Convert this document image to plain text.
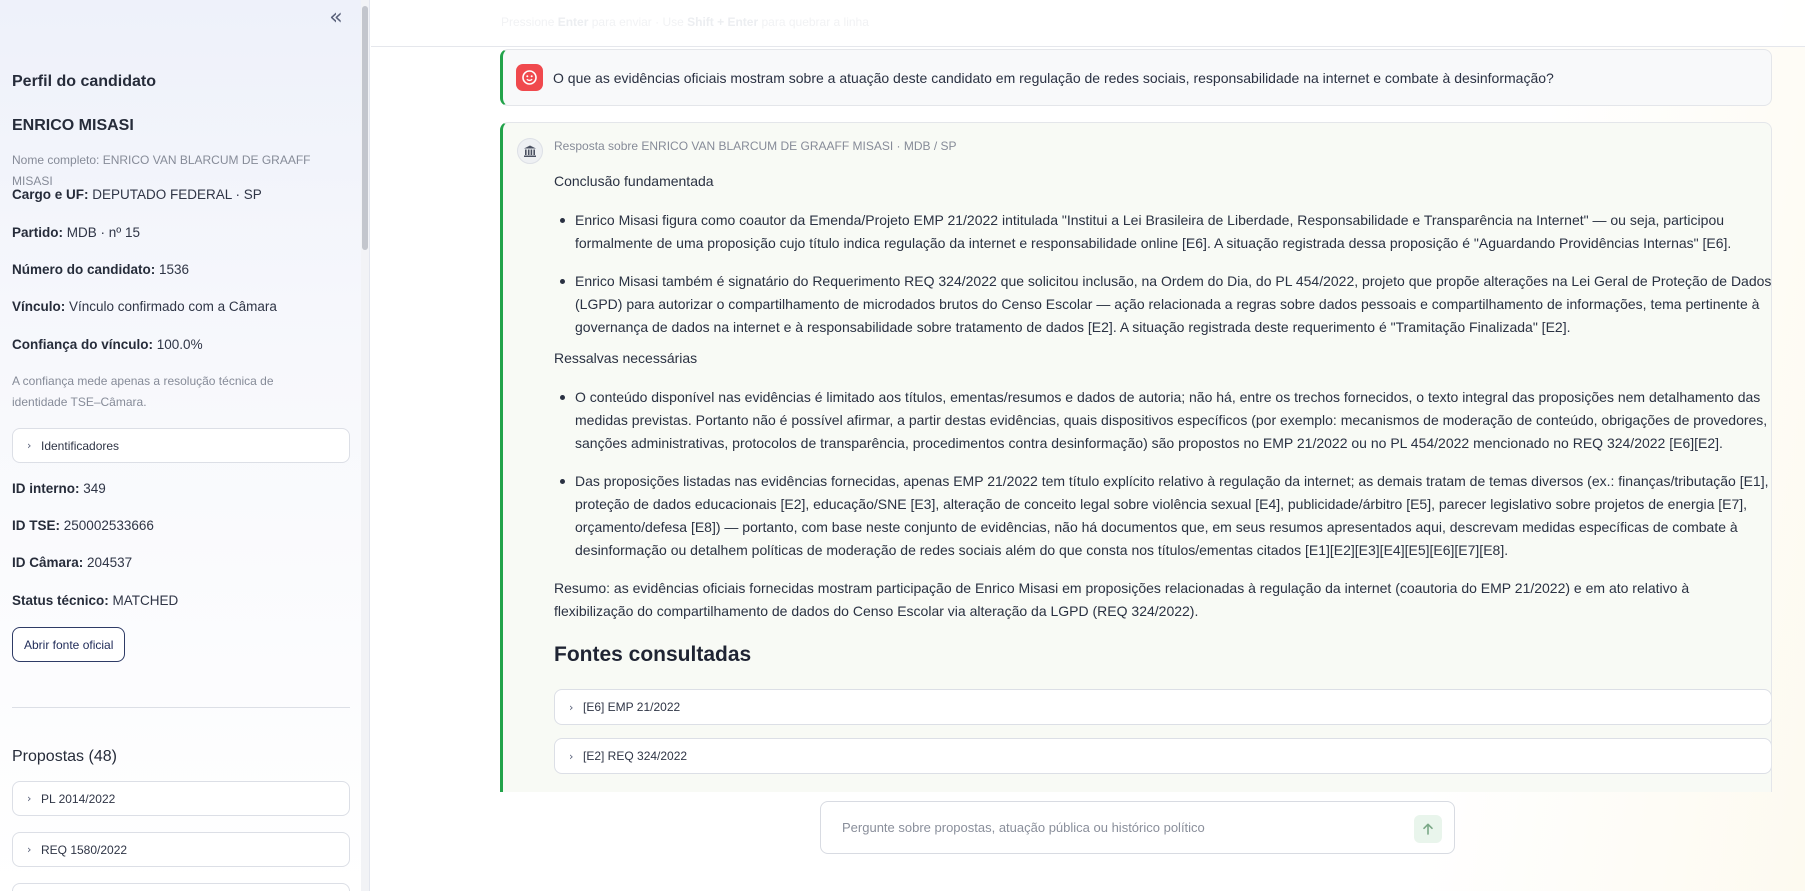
«
Perfil do candidato
ENRICO MISASI
Nome completo: ENRICO VAN BLARCUM DE GRAAFF MISASI
Cargo e UF: DEPUTADO FEDERAL · SP
Partido: MDB · nº 15
Número do candidato: 1536
Vínculo: Vínculo confirmado com a Câmara
Confiança do vínculo: 100.0%
A confiança mede apenas a resolução técnica de identidade TSE–Câmara.
› Identificadores
ID interno: 349
ID TSE: 250002533666
ID Câmara: 204537
Status técnico: MATCHED
Abrir fonte oficial
Propostas (48)
› PL 2014/2022
› REQ 1580/2022
Pressione Enter para enviar · Use Shift + Enter para quebrar a linha
O que as evidências oficiais mostram sobre a atuação deste candidato em regulação de redes sociais, responsabilidade na internet e combate à desinformação?
Resposta sobre ENRICO VAN BLARCUM DE GRAAFF MISASI · MDB / SP
Conclusão fundamentada
Enrico Misasi figura como coautor da Emenda/Projeto EMP 21/2022 intitulada "Institui a Lei Brasileira de Liberdade, Responsabilidade e Transparência na Internet" — ou seja, participou formalmente de uma proposição cujo título indica regulação da internet e responsabilidade online [E6]. A situação registrada dessa proposição é "Aguardando Providências Internas" [E6].
Enrico Misasi também é signatário do Requerimento REQ 324/2022 que solicitou inclusão, na Ordem do Dia, do PL 454/2022, projeto que propõe alterações na Lei Geral de Proteção de Dados (LGPD) para autorizar o compartilhamento de microdados brutos do Censo Escolar — ação relacionada a regras sobre dados pessoais e compartilhamento de informações, tema pertinente à governança de dados na internet e à responsabilidade sobre tratamento de dados [E2]. A situação registrada deste requerimento é "Tramitação Finalizada" [E2].
Ressalvas necessárias
O conteúdo disponível nas evidências é limitado aos títulos, ementas/resumos e dados de autoria; não há, entre os trechos fornecidos, o texto integral das proposições nem detalhamento das medidas previstas. Portanto não é possível afirmar, a partir destas evidências, quais dispositivos específicos (por exemplo: mecanismos de moderação de conteúdo, obrigações de provedores, sanções administrativas, protocolos de transparência, procedimentos contra desinformação) são propostos no EMP 21/2022 ou no PL 454/2022 mencionado no REQ 324/2022 [E6][E2].
Das proposições listadas nas evidências fornecidas, apenas EMP 21/2022 tem título explícito relativo à regulação da internet; as demais tratam de temas diversos (ex.: finanças/tributação [E1], proteção de dados educacionais [E2], educação/SNE [E3], alteração de conceito legal sobre violência sexual [E4], publicidade/árbitro [E5], parecer legislativo sobre projetos de energia [E7], orçamento/defesa [E8]) — portanto, com base neste conjunto de evidências, não há documentos que, em seus resumos apresentados aqui, descrevam medidas específicas de combate à desinformação ou detalhem políticas de moderação de redes sociais além do que consta nos títulos/ementas citados [E1][E2][E3][E4][E5][E6][E7][E8].
Resumo: as evidências oficiais fornecidas mostram participação de Enrico Misasi em proposições relacionadas à regulação da internet (coautoria do EMP 21/2022) e em ato relativo à flexibilização do compartilhamento de dados do Censo Escolar via alteração da LGPD (REQ 324/2022).
Fontes consultadas
› [E6] EMP 21/2022
› [E2] REQ 324/2022
Pergunte sobre propostas, atuação pública ou histórico político
